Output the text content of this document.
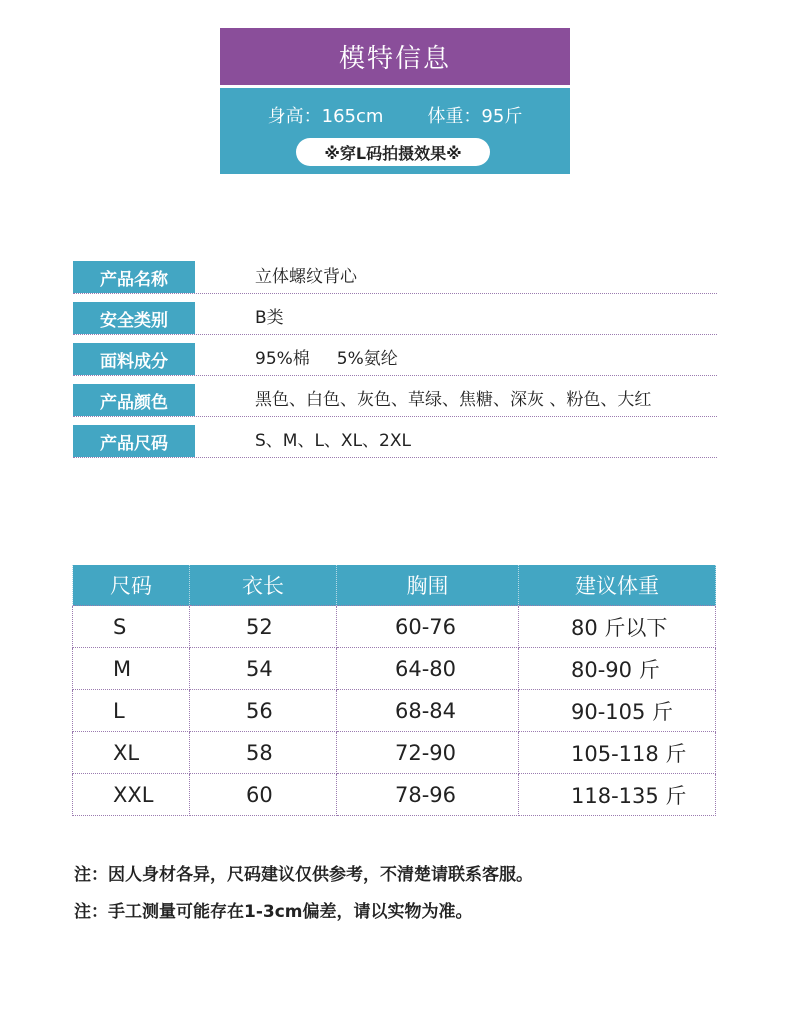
模特信息
身高：165cm 体重：95斤
※穿L码拍摄效果※
产品名称	立体螺纹背心
安全类别	B类
面料成分	95%棉     5%氨纶
产品颜色	黑色、白色、灰色、草绿、焦糖、深灰 、粉色、大红
产品尺码	S、M、L、XL、2XL
尺码	衣长	胸围	建议体重
S	52	60-76	80 斤以下
M	54	64-80	80-90 斤
L	56	68-84	90-105 斤
XL	58	72-90	105-118 斤
XXL	60	78-96	118-135 斤

注：因人身材各异，尺码建议仅供参考，不清楚请联系客服。

注：手工测量可能存在1-3cm偏差，请以实物为准。
